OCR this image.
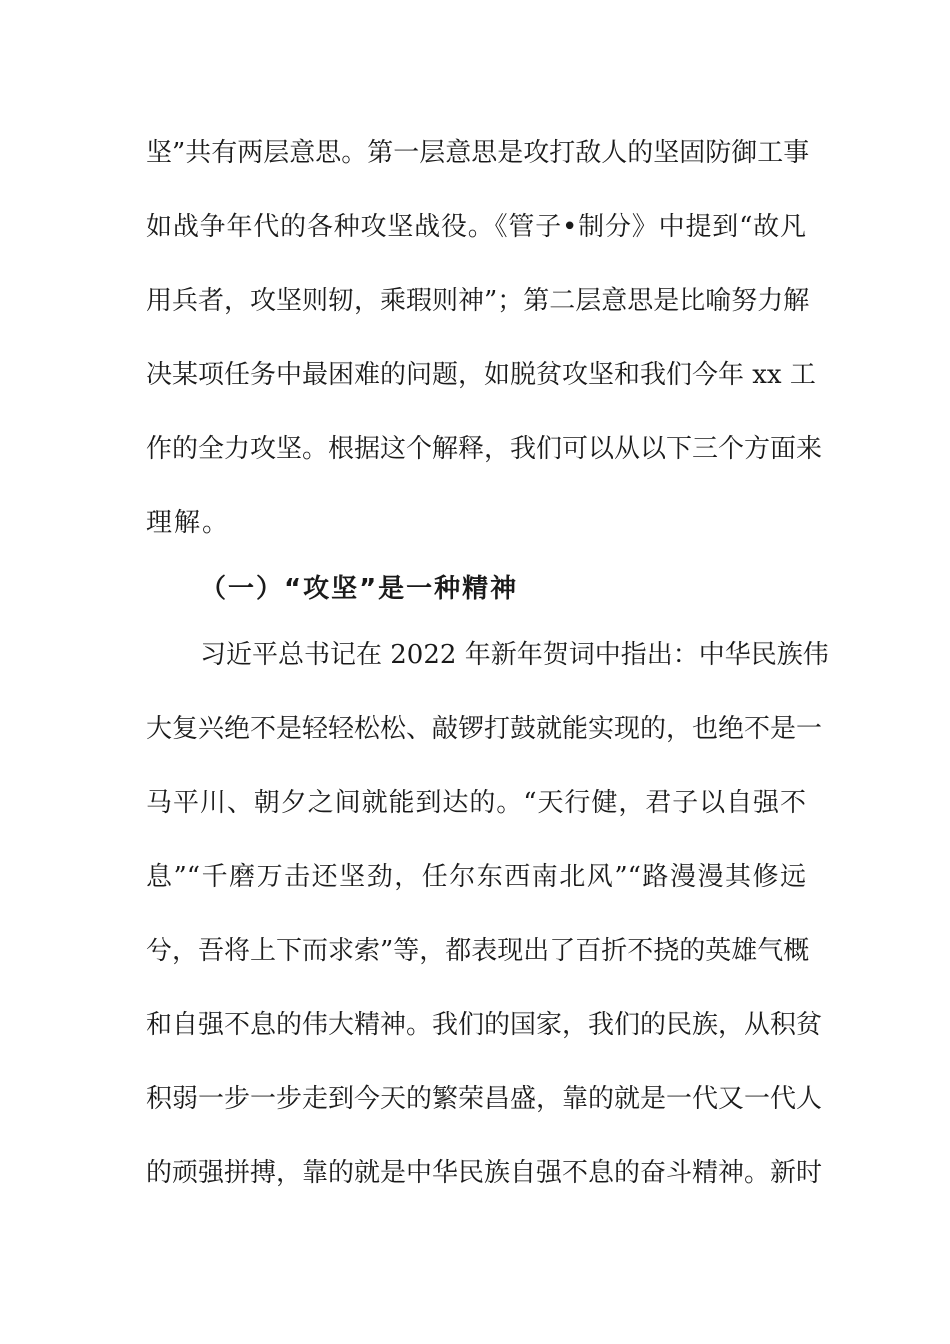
坚”共有两层意思。第一层意思是攻打敌人的坚固防御工事
如战争年代的各种攻坚战役。《管子•制分》中提到“故凡
用兵者，攻坚则轫，乘瑕则神”；第二层意思是比喻努力解
决某项任务中最困难的问题，如脱贫攻坚和我们今年 xx 工
作的全力攻坚。根据这个解释，我们可以从以下三个方面来
理解。
（一）“攻坚”是一种精神
习近平总书记在 2022 年新年贺词中指出：中华民族伟
大复兴绝不是轻轻松松、敲锣打鼓就能实现的，也绝不是一
马平川、朝夕之间就能到达的。“天行健，君子以自强不
息”“千磨万击还坚劲，任尔东西南北风”“路漫漫其修远
兮，吾将上下而求索”等，都表现出了百折不挠的英雄气概
和自强不息的伟大精神。我们的国家，我们的民族，从积贫
积弱一步一步走到今天的繁荣昌盛，靠的就是一代又一代人
的顽强拼搏，靠的就是中华民族自强不息的奋斗精神。新时
